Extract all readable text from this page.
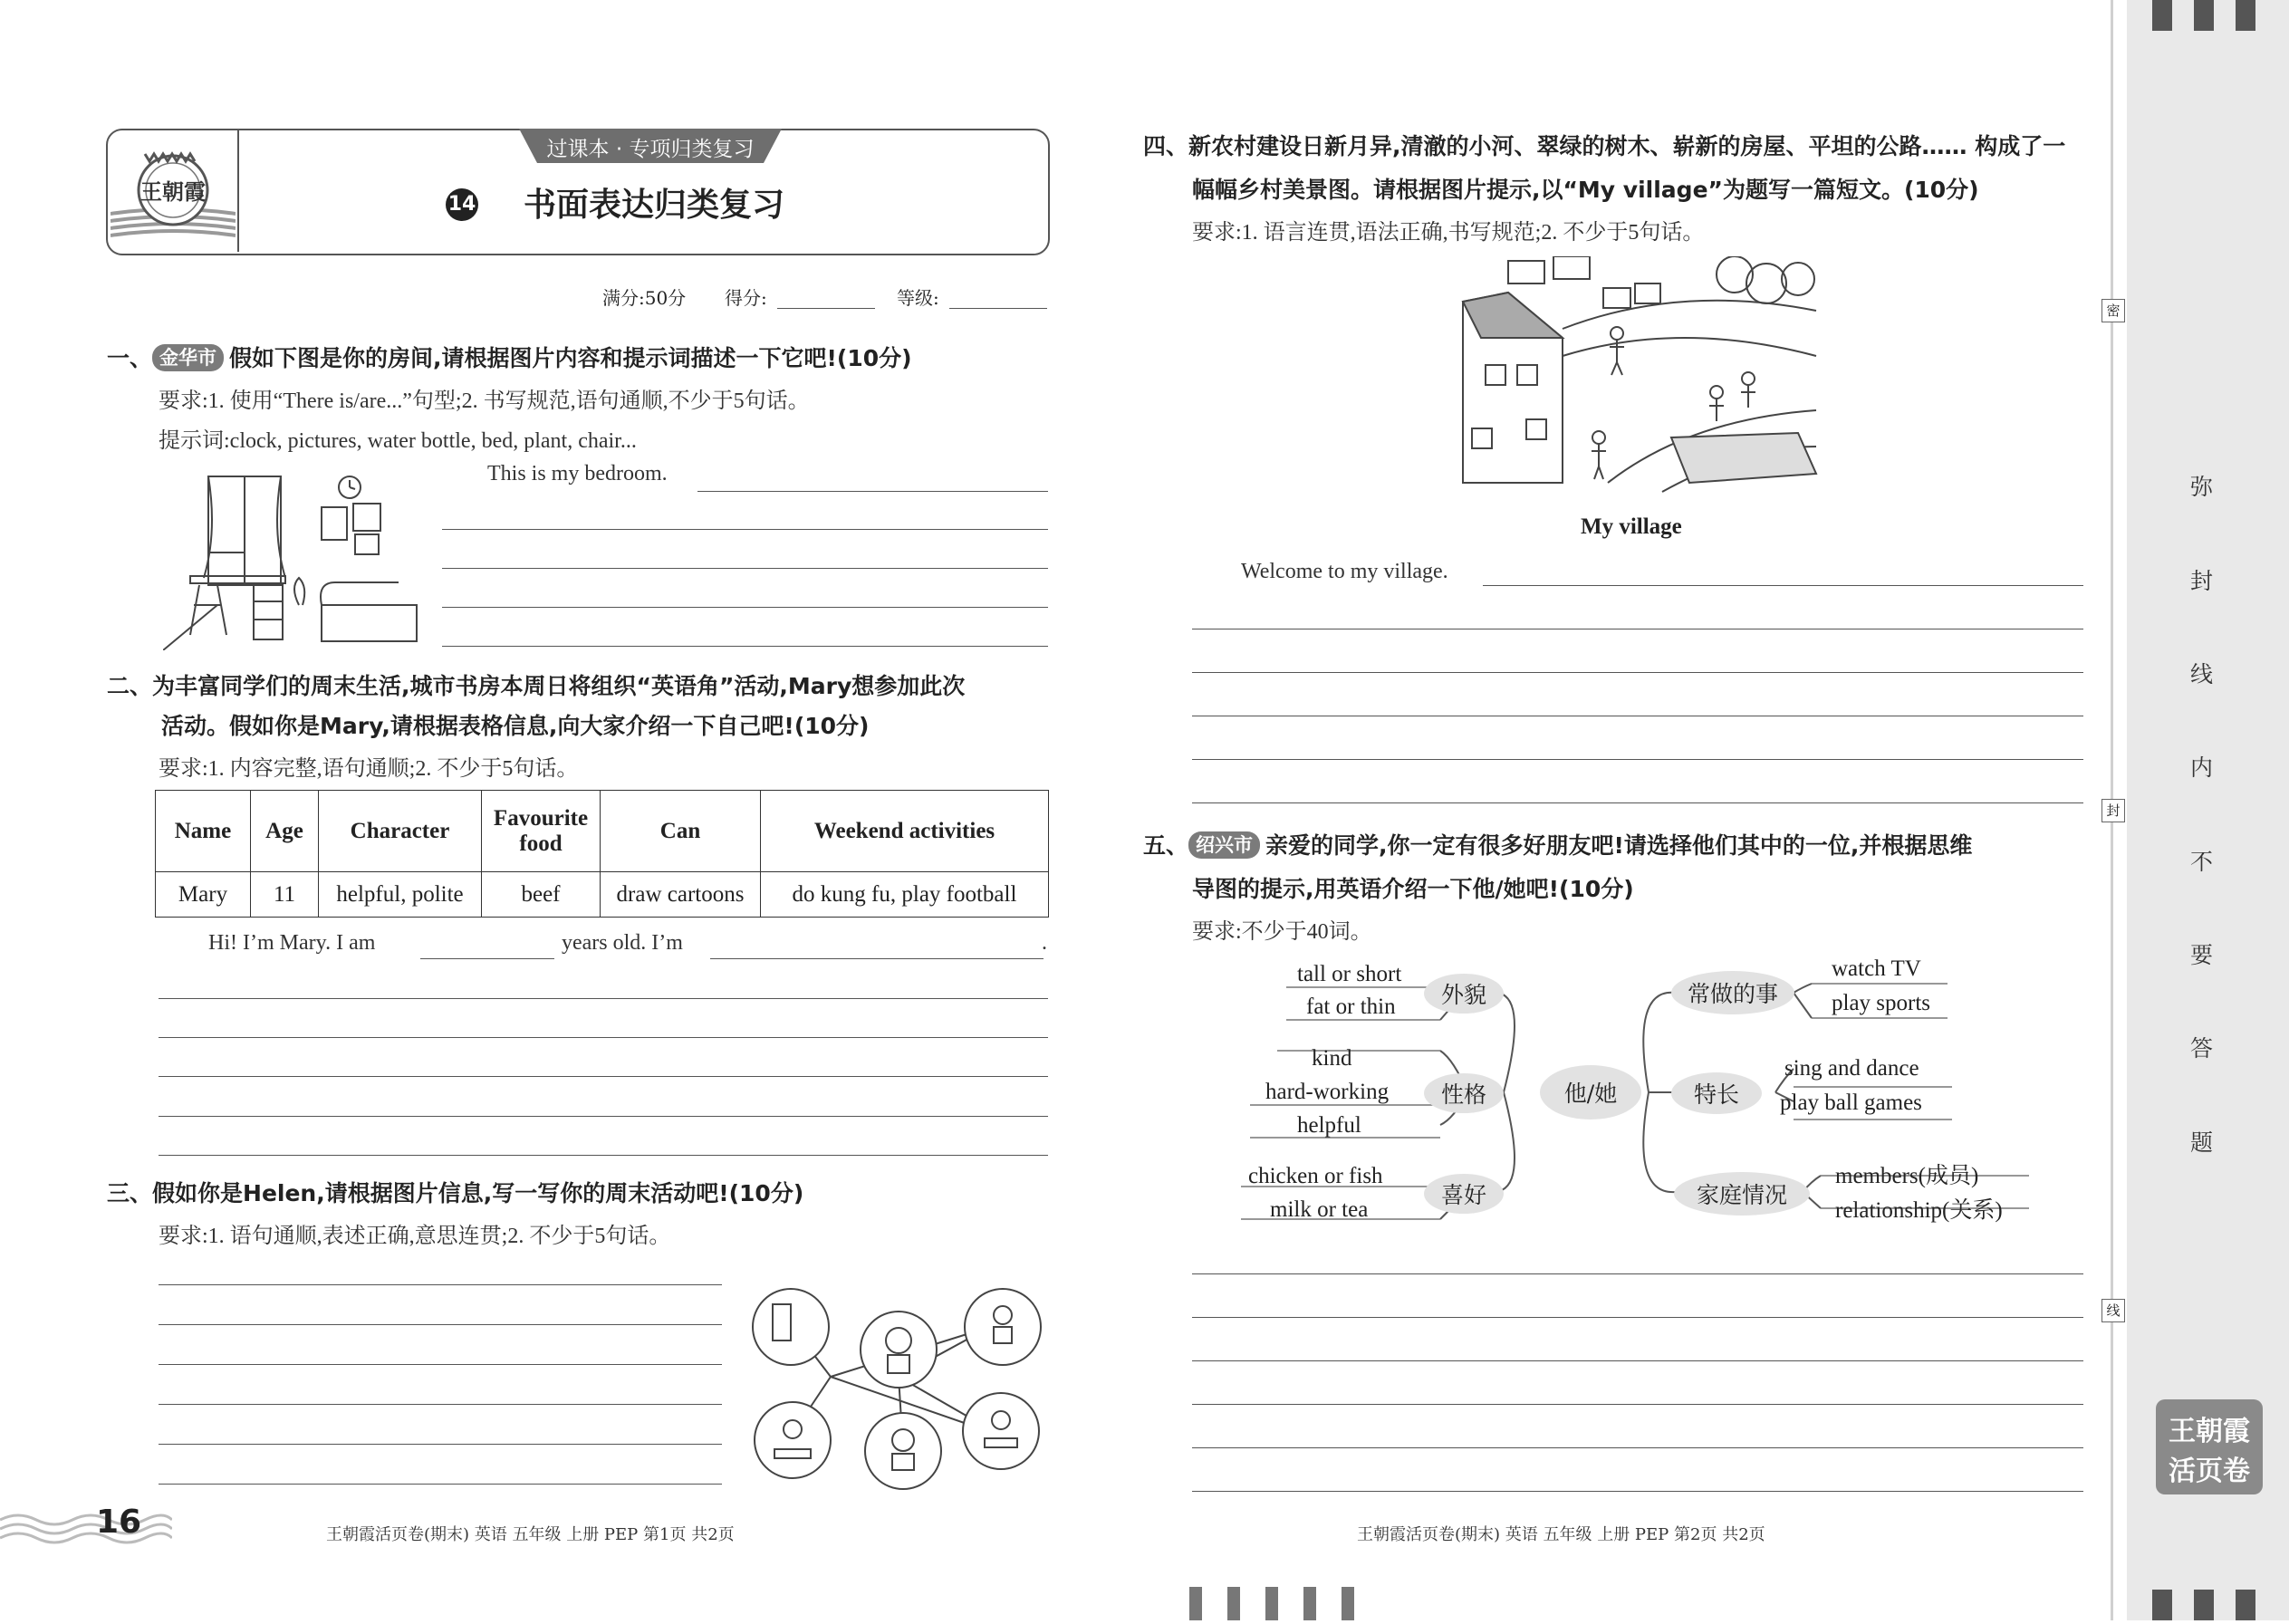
弥
封
线
内
不
要
答
题
密
封
线
王朝霞
活页卷
王朝霞
过课本 · 专项归类复习
14 书面表达归类复习
满分:50分 得分:	等级:
一、 金华市 假如下图是你的房间,请根据图片内容和提示词描述一下它吧!(10分)
要求:1. 使用“There is/are...”句型;2. 书写规范,语句通顺,不少于5句话。
提示词:clock, pictures, water bottle, bed, plant, chair...
This is my bedroom.
二、为丰富同学们的周末生活,城市书房本周日将组织“英语角”活动,Mary想参加此次
活动。假如你是Mary,请根据表格信息,向大家介绍一下自己吧!(10分)
要求:1. 内容完整,语句通顺;2. 不少于5句话。
Name	Age	Character	Favourite food	Can	Weekend activities
Mary	11	helpful, polite	beef	draw cartoons	do kung fu, play football
Hi! I’m Mary. I am	years old. I’m	.
三、假如你是Helen,请根据图片信息,写一写你的周末活动吧!(10分)
要求:1. 语句通顺,表述正确,意思连贯;2. 不少于5句话。
16	王朝霞活页卷(期末) 英语 五年级 上册 PEP 第1页 共2页
四、新农村建设日新月异,清澈的小河、翠绿的树木、崭新的房屋、平坦的公路…… 构成了一
幅幅乡村美景图。请根据图片提示,以“My village”为题写一篇短文。(10分)
要求:1. 语言连贯,语法正确,书写规范;2. 不少于5句话。
My village
Welcome to my village.
五、 绍兴市 亲爱的同学,你一定有很多好朋友吧!请选择他们其中的一位,并根据思维
导图的提示,用英语介绍一下他/她吧!(10分)
要求:不少于40词。
他/她
外貌
性格
喜好
常做的事
特长
家庭情况
tall or short
fat or thin
kind
hard-working
helpful
chicken or fish
milk or tea
watch TV
play sports
sing and dance
play ball games
members(成员)
relationship(关系)
王朝霞活页卷(期末) 英语 五年级 上册 PEP 第2页 共2页
